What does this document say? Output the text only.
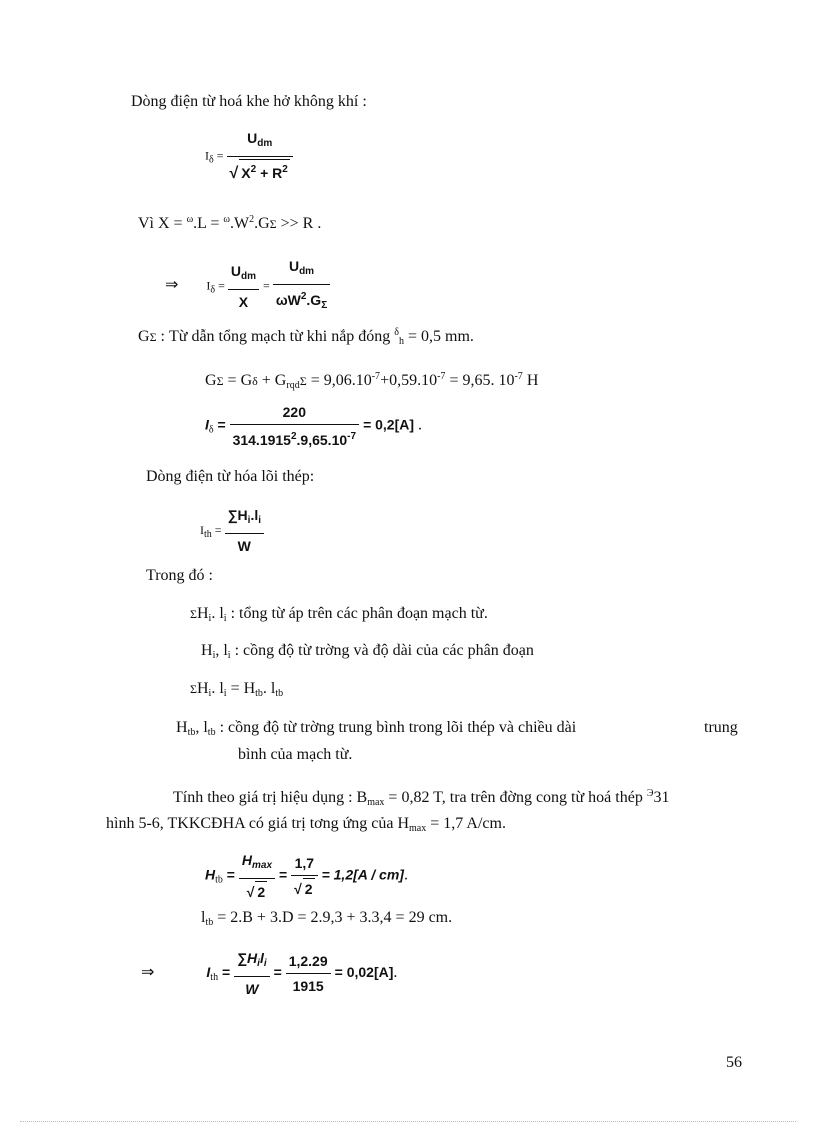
Dòng điện từ hoá khe hở không khí :
$I_\delta = \frac{U_{dm}}{√ X^2 + R^2}$
Vì $X = ^\omega.L = ^\omega.W^2.G\Sigma >> R$ .
⇒ $I_\delta = \frac{U_{dm}}{X} = \frac{U_{dm}}{\omega W^2.G_\Sigma}$
GΣ : Từ dẫn tổng mạch từ khi nắp đóng $^\delta_h$ = 0,5 mm.
$G\Sigma = G\delta + G_{rqd}\Sigma = 9,06.10^{-7}+0,59.10^{-7} = 9,65$. $10^{-7}$ H
$I_\delta = \frac{220}{314.1915^2.9,65.10^{-7}} = 0,2[A]$ .
Dòng điện từ hóa lõi thép:
$I_{th} = \frac{\sum H_i.l_i}{W}$
Trong đó :
$\Sigma H_i$. $l_i$ : tổng từ áp trên các phân đoạn mạch từ.
$H_i$, $l_i$ : cồng độ từ trờng và độ dài của các phân đoạn
$\Sigma H_i$. $l_i = H_{tb}$. $l_{tb}$
$H_{tb}$, $l_{tb}$ : cồng độ từ trờng trung bình trong lõi thép và chiều dài	trung
bình của mạch từ.
Tính theo giá trị hiệu dụng : $B_{max} = 0,82$ T, tra trên đờng cong từ hoá thép $^Э$31
hình 5-6, TKKCĐHA có giá trị tơng ứng của $H_{max} = 1,7$ A/cm.
$H_{tb} = \frac{H_{max}}{√ 2} = \frac{1,7}{√ 2} = 1,2[A / cm]$.
$l_{tb} = 2.B + 3.D = 2.9,3 + 3.3,4 = 29$ cm.
⇒	$I_{th} = \frac{\sum H_il_i}{W} = \frac{1,2.29}{1915} = 0,02[A]$.
56
